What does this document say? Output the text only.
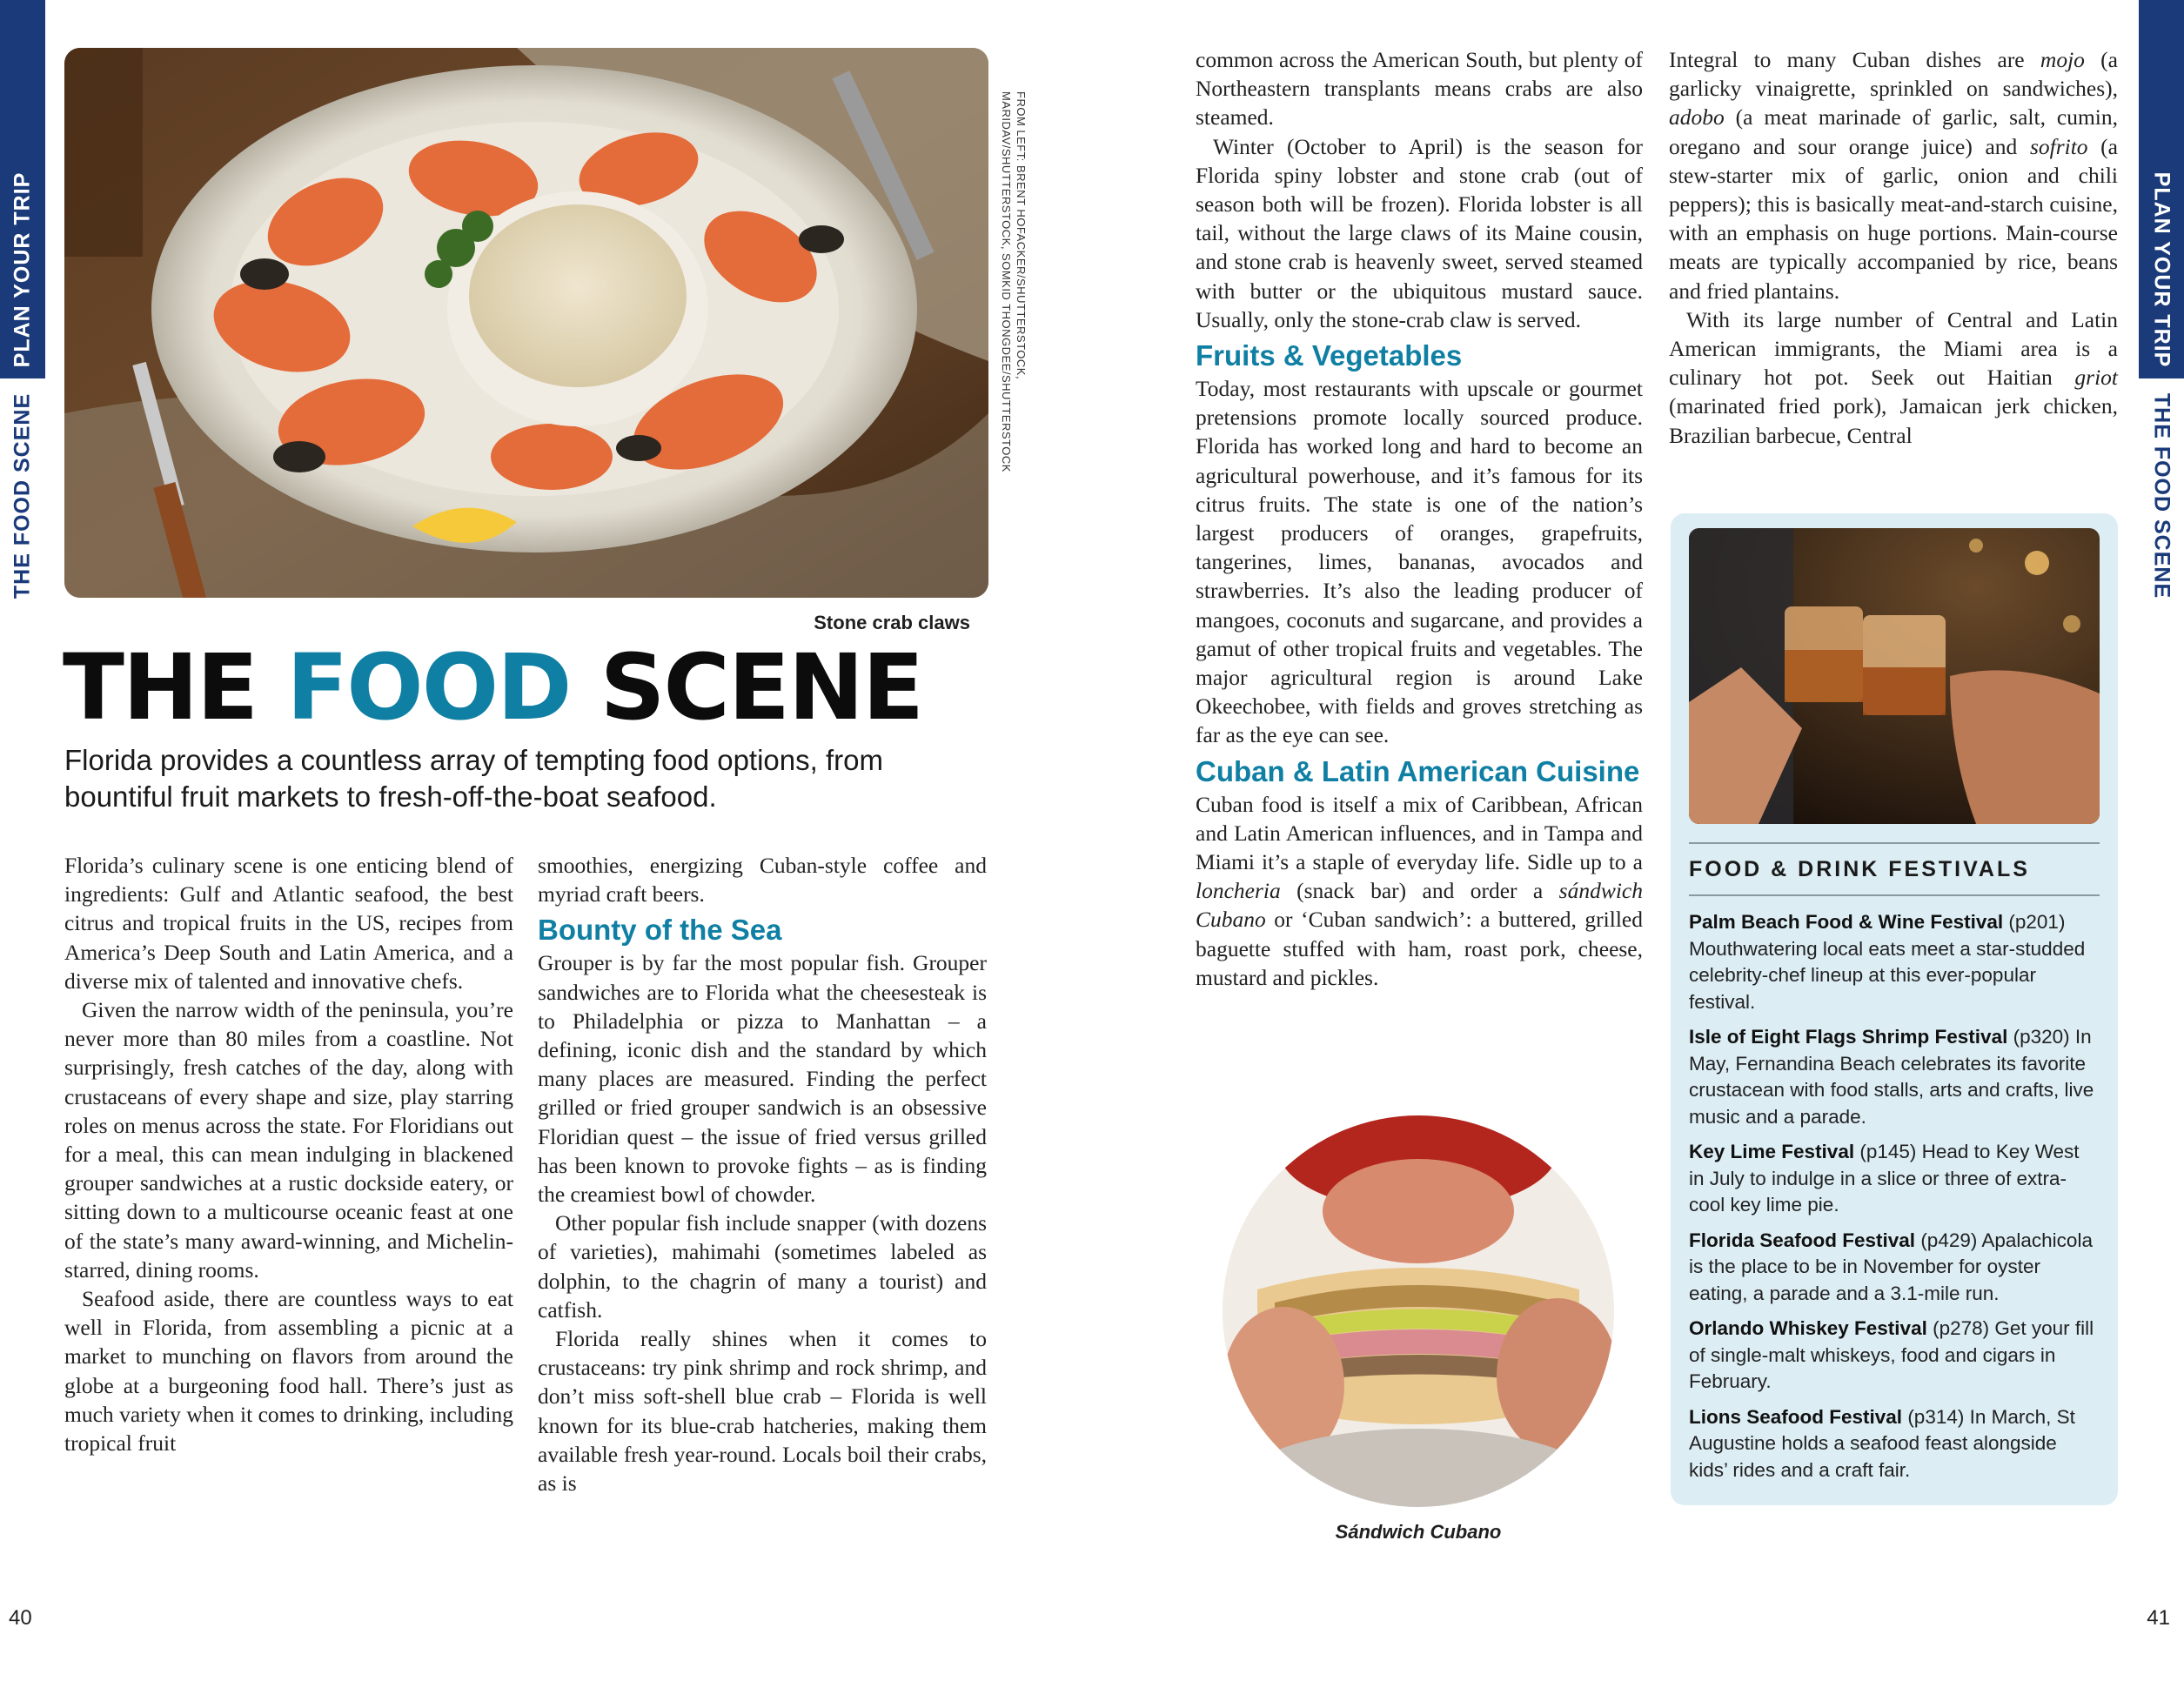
PLAN YOUR TRIP
THE FOOD SCENE
PLAN YOUR TRIP
THE FOOD SCENE
FROM LEFT: BRENT HOFACKER/SHUTTERSTOCK, MARIDAV/SHUTTERSTOCK, SOMKID THONGDEE/SHUTTERSTOCK
Stone crab claws
THE FOOD SCENE
Florida provides a countless array of tempting food options, from bountiful fruit markets to fresh-off-the-boat seafood.

Florida’s culinary scene is one enticing blend of ingredients: Gulf and Atlantic seafood, the best citrus and tropical fruits in the US, recipes from America’s Deep South and Latin America, and a diverse mix of talented and innovative chefs.

Given the narrow width of the peninsula, you’re never more than 80 miles from a coastline. Not surprisingly, fresh catches of the day, along with crustaceans of every shape and size, play starring roles on menus across the state. For Floridians out for a meal, this can mean indulging in blackened grouper sandwiches at a rustic dockside eatery, or sitting down to a multicourse oceanic feast at one of the state’s many award-winning, and Michelin-starred, dining rooms.

Seafood aside, there are countless ways to eat well in Florida, from assembling a picnic at a market to munching on flavors from around the globe at a burgeoning food hall. There’s just as much variety when it comes to drinking, including tropical fruit

smoothies, energizing Cuban-style coffee and myriad craft beers.

Bounty of the Sea

Grouper is by far the most popular fish. Grouper sandwiches are to Florida what the cheesesteak is to Philadelphia or pizza to Manhattan – a defining, iconic dish and the standard by which many places are measured. Finding the perfect grilled or fried grouper sandwich is an obsessive Floridian quest – the issue of fried versus grilled has been known to provoke fights – as is finding the creamiest bowl of chowder.

Other popular fish include snapper (with dozens of varieties), mahimahi (sometimes labeled as dolphin, to the chagrin of many a tourist) and catfish.

Florida really shines when it comes to crustaceans: try pink shrimp and rock shrimp, and don’t miss soft-shell blue crab – Florida is well known for its blue-crab hatcheries, making them available fresh year-round. Locals boil their crabs, as is

common across the American South, but plenty of Northeastern transplants means crabs are also steamed.

Winter (October to April) is the season for Florida spiny lobster and stone crab (out of season both will be frozen). Florida lobster is all tail, without the large claws of its Maine cousin, and stone crab is heavenly sweet, served steamed with butter or the ubiquitous mustard sauce. Usually, only the stone-crab claw is served.

Fruits & Vegetables

Today, most restaurants with upscale or gourmet pretensions promote locally sourced produce. Florida has worked long and hard to become an agricultural powerhouse, and it’s famous for its citrus fruits. The state is one of the nation’s largest producers of oranges, grapefruits, tangerines, limes, bananas, avocados and strawberries. It’s also the leading producer of mangoes, coconuts and sugarcane, and provides a gamut of other tropical fruits and vegetables. The major agricultural region is around Lake Okeechobee, with fields and groves stretching as far as the eye can see.

Cuban & Latin American Cuisine

Cuban food is itself a mix of Caribbean, African and Latin American influences, and in Tampa and Miami it’s a staple of everyday life. Sidle up to a loncheria (snack bar) and order a sándwich Cubano or ‘Cuban sandwich’: a buttered, grilled baguette stuffed with ham, roast pork, cheese, mustard and pickles.

Sándwich Cubano

Integral to many Cuban dishes are mojo (a garlicky vinaigrette, sprinkled on sandwiches), adobo (a meat marinade of garlic, salt, cumin, oregano and sour orange juice) and sofrito (a stew-starter mix of garlic, onion and chili peppers); this is basically meat-and-starch cuisine, with an emphasis on huge portions. Main-course meats are typically accompanied by rice, beans and fried plantains.

With its large number of Central and Latin American immigrants, the Miami area is a culinary hot pot. Seek out Haitian griot (marinated fried pork), Jamaican jerk chicken, Brazilian barbecue, Central

FOOD & DRINK FESTIVALS
Palm Beach Food & Wine Festival (p201) Mouthwatering local eats meet a star-studded celebrity-chef lineup at this ever-popular festival.
Isle of Eight Flags Shrimp Festival (p320) In May, Fernandina Beach celebrates its favorite crustacean with food stalls, arts and crafts, live music and a parade.
Key Lime Festival (p145) Head to Key West in July to indulge in a slice or three of extra-cool key lime pie.
Florida Seafood Festival (p429) Apalachicola is the place to be in November for oyster eating, a parade and a 3.1-mile run.
Orlando Whiskey Festival (p278) Get your fill of single-malt whiskeys, food and cigars in February.
Lions Seafood Festival (p314) In March, St Augustine holds a seafood feast alongside kids’ rides and a craft fair.
40	41
